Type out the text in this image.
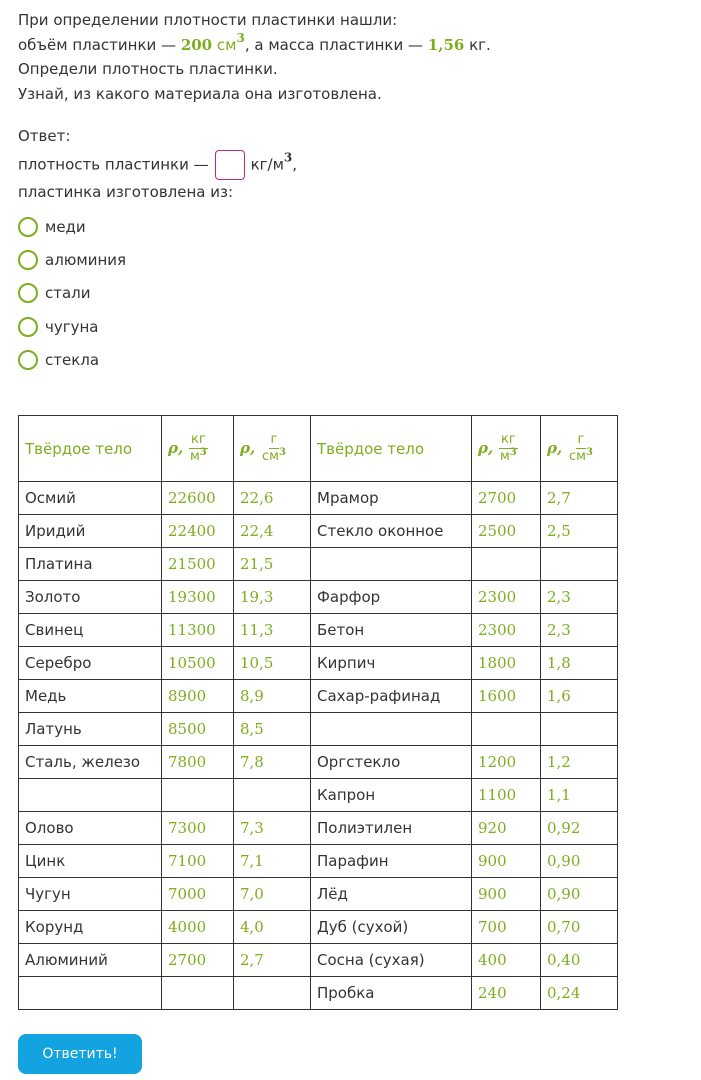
При определении плотности пластинки нашли:
объём пластинки — 200 $см^3$, а масса пластинки — 1,56 кг.
Определи плотность пластинки.
Узнай, из какого материала она изготовлена.
Ответ:
плотность пластинки —	$кг/м^3$,
пластинка изготовлена из:
меди
алюминия
стали
чугуна
стекла
Твёрдое тело	ρ, $\frac{кг}{м^3}$	ρ, $\frac{г}{см^3}$	Твёрдое тело	ρ, $\frac{кг}{м^3}$	ρ, $\frac{г}{см^3}$

Осмий	22600	22,6	Мрамор	2700	2,7
Иридий	22400	22,4	Стекло оконное	2500	2,5
Платина	21500	21,5			
Золото	19300	19,3	Фарфор	2300	2,3
Свинец	11300	11,3	Бетон	2300	2,3
Серебро	10500	10,5	Кирпич	1800	1,8
Медь	8900	8,9	Сахар-рафинад	1600	1,6
Латунь	8500	8,5			
Сталь, железо	7800	7,8	Оргстекло	1200	1,2
			Капрон	1100	1,1
Олово	7300	7,3	Полиэтилен	920	0,92
Цинк	7100	7,1	Парафин	900	0,90
Чугун	7000	7,0	Лёд	900	0,90
Корунд	4000	4,0	Дуб (сухой)	700	0,70
Алюминий	2700	2,7	Сосна (сухая)	400	0,40
			Пробка	240	0,24
Ответить!
